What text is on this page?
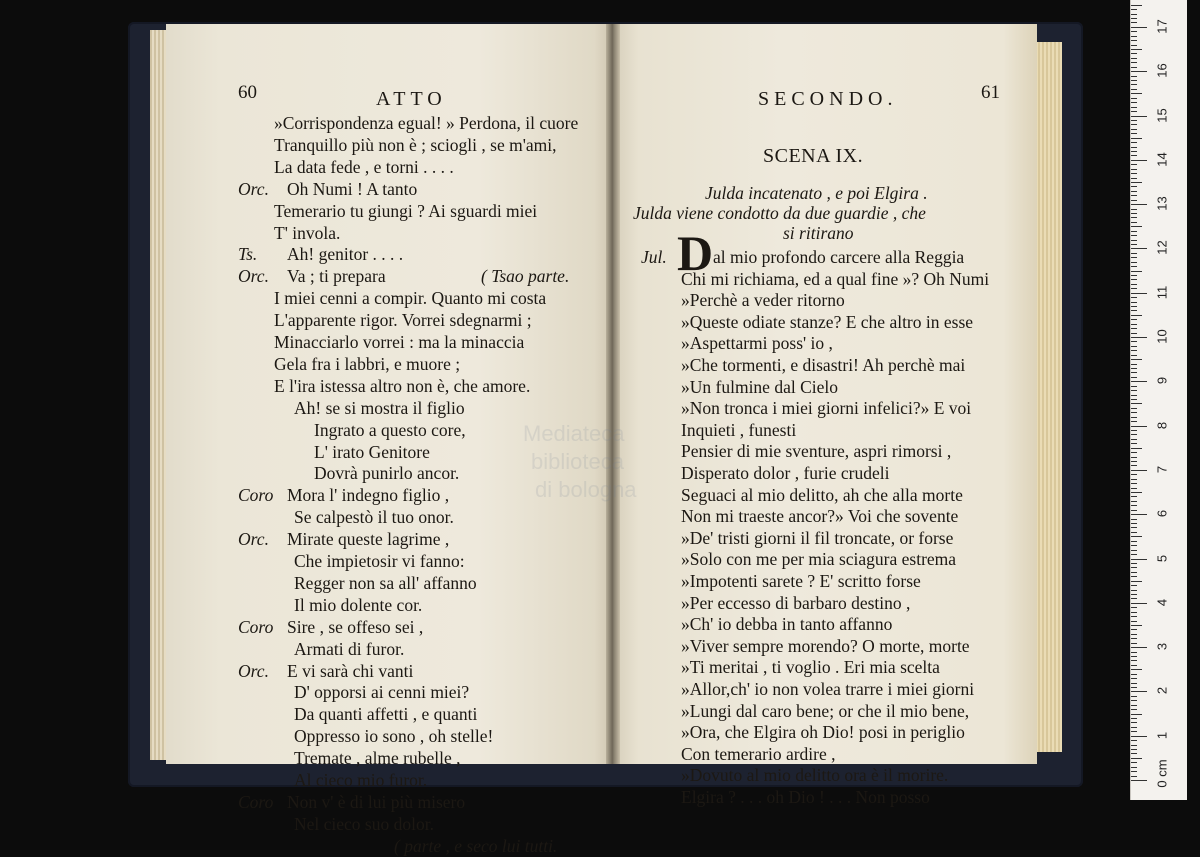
60	ATTO
»Corrispondenza egual! » Perdona, il cuore
Tranquillo più non è ; sciogli , se m'ami,
La data fede , e torni . . . .
Orc. Oh Numi ! A tanto
Temerario tu giungi ? Ai sguardi miei
T' invola.
Ts. Ah! genitor . . . .
Orc. Va ; ti prepara	( Tsao parte.
I miei cenni a compir. Quanto mi costa
L'apparente rigor. Vorrei sdegnarmi ;
Minacciarlo vorrei : ma la minaccia
Gela fra i labbri, e muore ;
E l'ira istessa altro non è, che amore.
Ah! se si mostra il figlio
Ingrato a questo core,
L' irato Genitore
Dovrà punirlo ancor.
Coro Mora l' indegno figlio ,
Se calpestò il tuo onor.
Orc. Mirate queste lagrime ,
Che impietosir vi fanno:
Regger non sa all' affanno
Il mio dolente cor.
Coro Sire , se offeso sei ,
Armati di furor.
Orc. E vi sarà chi vanti
D' opporsi ai cenni miei?
Da quanti affetti , e quanti
Oppresso io sono , oh stelle!
Tremate , alme rubelle ,
Al cieco mio furor.
Coro Non v' è di lui più misero
Nel cieco suo dolor.
( parte , e seco lui tutti.
SECONDO.	61
SCENA IX.
Julda incatenato , e poi Elgira .
Julda viene condotto da due guardie , che
si ritirano
Jul. D al mio profondo carcere alla Reggia
Chi mi richiama, ed a qual fine »? Oh Numi
»Perchè a veder ritorno
»Queste odiate stanze? E che altro in esse
»Aspettarmi poss' io ,
»Che tormenti, e disastri! Ah perchè mai
»Un fulmine dal Cielo
»Non tronca i miei giorni infelici?» E voi
Inquieti , funesti
Pensier di mie sventure, aspri rimorsi ,
Disperato dolor , furie crudeli
Seguaci al mio delitto, ah che alla morte
Non mi traeste ancor?» Voi che sovente
»De' tristi giorni il fil troncate, or forse
»Solo con me per mia sciagura estrema
»Impotenti sarete ? E' scritto forse
»Per eccesso di barbaro destino ,
»Ch' io debba in tanto affanno
»Viver sempre morendo? O morte, morte
»Ti meritai , ti voglio . Eri mia scelta
»Allor,ch' io non volea trarre i miei giorni
»Lungi dal caro bene; or che il mio bene,
»Ora, che Elgira oh Dio! posi in periglio
Con temerario ardire ,
»Dovuto al mio delitto ora è il morire.
Elgira ? . . . oh Dio ! . . . Non posso
1
2
3
4
5
6
7
8
9
10
11
12
13
14
15
16
17
0 cm
